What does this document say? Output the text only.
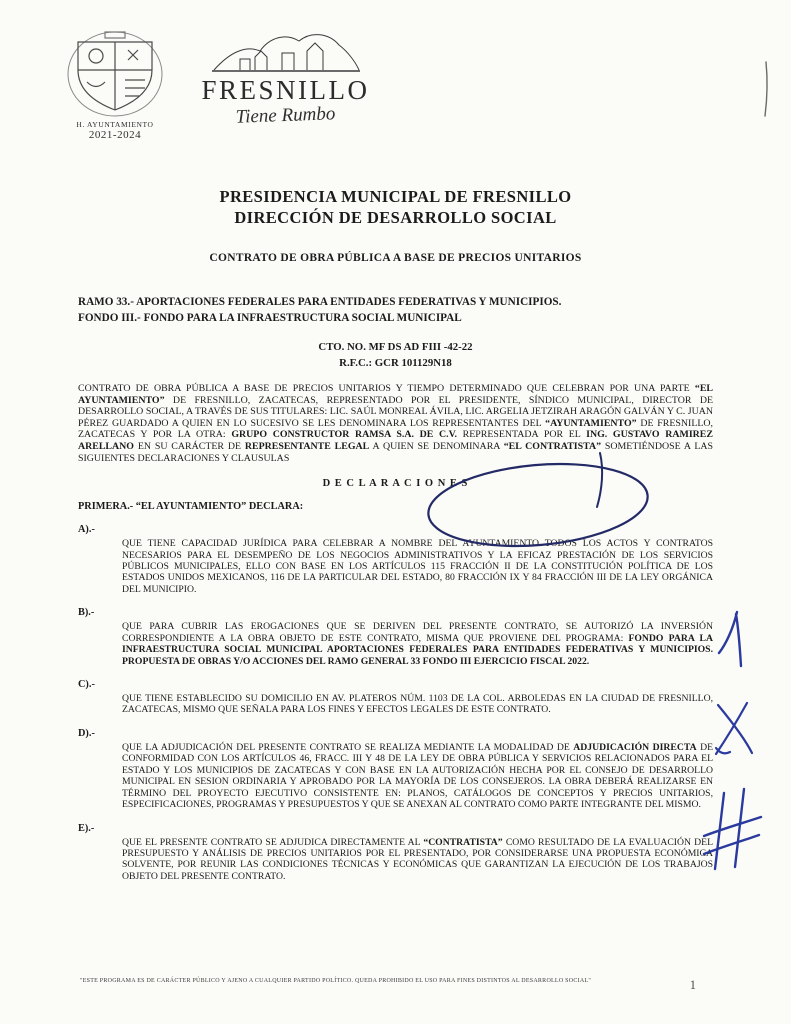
H. AYUNTAMIENTO
2021-2024
FRESNILLO
Tiene Rumbo
PRESIDENCIA MUNICIPAL DE FRESNILLO
DIRECCIÓN DE DESARROLLO SOCIAL
CONTRATO DE OBRA PÚBLICA A BASE DE PRECIOS UNITARIOS
RAMO 33.- APORTACIONES FEDERALES PARA ENTIDADES FEDERATIVAS Y MUNICIPIOS.
FONDO III.- FONDO PARA LA INFRAESTRUCTURA SOCIAL MUNICIPAL
CTO. NO. MF DS AD FIII -42-22
R.F.C.: GCR 101129N18

CONTRATO DE OBRA PÚBLICA A BASE DE PRECIOS UNITARIOS Y TIEMPO DETERMINADO QUE CELEBRAN POR UNA PARTE “EL AYUNTAMIENTO” DE FRESNILLO, ZACATECAS, REPRESENTADO POR EL PRESIDENTE, SÍNDICO MUNICIPAL, DIRECTOR DE DESARROLLO SOCIAL, A TRAVÉS DE SUS TITULARES: LIC. SAÚL MONREAL ÁVILA, LIC. ARGELIA JETZIRAH ARAGÓN GALVÁN Y C. JUAN PÉREZ GUARDADO A QUIEN EN LO SUCESIVO SE LES DENOMINARA LOS REPRESENTANTES DEL “AYUNTAMIENTO” DE FRESNILLO, ZACATECAS Y POR LA OTRA: GRUPO CONSTRUCTOR RAMSA S.A. DE C.V. REPRESENTADA POR EL ING. GUSTAVO RAMIREZ ARELLANO EN SU CARÁCTER DE REPRESENTANTE LEGAL A QUIEN SE DENOMINARA “EL CONTRATISTA” SOMETIÉNDOSE A LAS SIGUIENTES DECLARACIONES Y CLAUSULAS

D E C L A R A C I O N E S
PRIMERA.- “EL AYUNTAMIENTO” DECLARA:
A).-

QUE TIENE CAPACIDAD JURÍDICA PARA CELEBRAR A NOMBRE DEL AYUNTAMIENTO TODOS LOS ACTOS Y CONTRATOS NECESARIOS PARA EL DESEMPEÑO DE LOS NEGOCIOS ADMINISTRATIVOS Y LA EFICAZ PRESTACIÓN DE LOS SERVICIOS PÚBLICOS MUNICIPALES, ELLO CON BASE EN LOS ARTÍCULOS 115 FRACCIÓN II DE LA CONSTITUCIÓN POLÍTICA DE LOS ESTADOS UNIDOS MEXICANOS, 116 DE LA PARTICULAR DEL ESTADO, 80 FRACCIÓN IX Y 84 FRACCIÓN III DE LA LEY ORGÁNICA DEL MUNICIPIO.

B).-

QUE PARA CUBRIR LAS EROGACIONES QUE SE DERIVEN DEL PRESENTE CONTRATO, SE AUTORIZÓ LA INVERSIÓN CORRESPONDIENTE A LA OBRA OBJETO DE ESTE CONTRATO, MISMA QUE PROVIENE DEL PROGRAMA: FONDO PARA LA INFRAESTRUCTURA SOCIAL MUNICIPAL APORTACIONES FEDERALES PARA ENTIDADES FEDERATIVAS Y MUNICIPIOS. PROPUESTA DE OBRAS Y/O ACCIONES DEL RAMO GENERAL 33 FONDO III EJERCICIO FISCAL 2022.

C).-

QUE TIENE ESTABLECIDO SU DOMICILIO EN AV. PLATEROS NÚM. 1103 DE LA COL. ARBOLEDAS EN LA CIUDAD DE FRESNILLO, ZACATECAS, MISMO QUE SEÑALA PARA LOS FINES Y EFECTOS LEGALES DE ESTE CONTRATO.

D).-

QUE LA ADJUDICACIÓN DEL PRESENTE CONTRATO SE REALIZA MEDIANTE LA MODALIDAD DE ADJUDICACIÓN DIRECTA DE CONFORMIDAD CON LOS ARTÍCULOS 46, FRACC. III Y 48 DE LA LEY DE OBRA PÚBLICA Y SERVICIOS RELACIONADOS PARA EL ESTADO Y LOS MUNICIPIOS DE ZACATECAS Y CON BASE EN LA AUTORIZACIÓN HECHA POR EL CONSEJO DE DESARROLLO MUNICIPAL EN SESION ORDINARIA Y APROBADO POR LA MAYORÍA DE LOS CONSEJEROS. LA OBRA DEBERÁ REALIZARSE EN TÉRMINO DEL PROYECTO EJECUTIVO CONSISTENTE EN: PLANOS, CATÁLOGOS DE CONCEPTOS Y PRECIOS UNITARIOS, ESPECIFICACIONES, PROGRAMAS Y PRESUPUESTOS Y QUE SE ANEXAN AL CONTRATO COMO PARTE INTEGRANTE DEL MISMO.

E).-

QUE EL PRESENTE CONTRATO SE ADJUDICA DIRECTAMENTE AL “CONTRATISTA” COMO RESULTADO DE LA EVALUACIÓN DEL PRESUPUESTO Y ANÁLISIS DE PRECIOS UNITARIOS POR EL PRESENTADO, POR CONSIDERARSE UNA PROPUESTA ECONÓMICA SOLVENTE, POR REUNIR LAS CONDICIONES TÉCNICAS Y ECONÓMICAS QUE GARANTIZAN LA EJECUCIÓN DE LOS TRABAJOS OBJETO DEL PRESENTE CONTRATO.

"ESTE PROGRAMA ES DE CARÁCTER PÚBLICO Y AJENO A CUALQUIER PARTIDO POLÍTICO. QUEDA PROHIBIDO EL USO PARA FINES DISTINTOS AL DESARROLLO SOCIAL"	1
